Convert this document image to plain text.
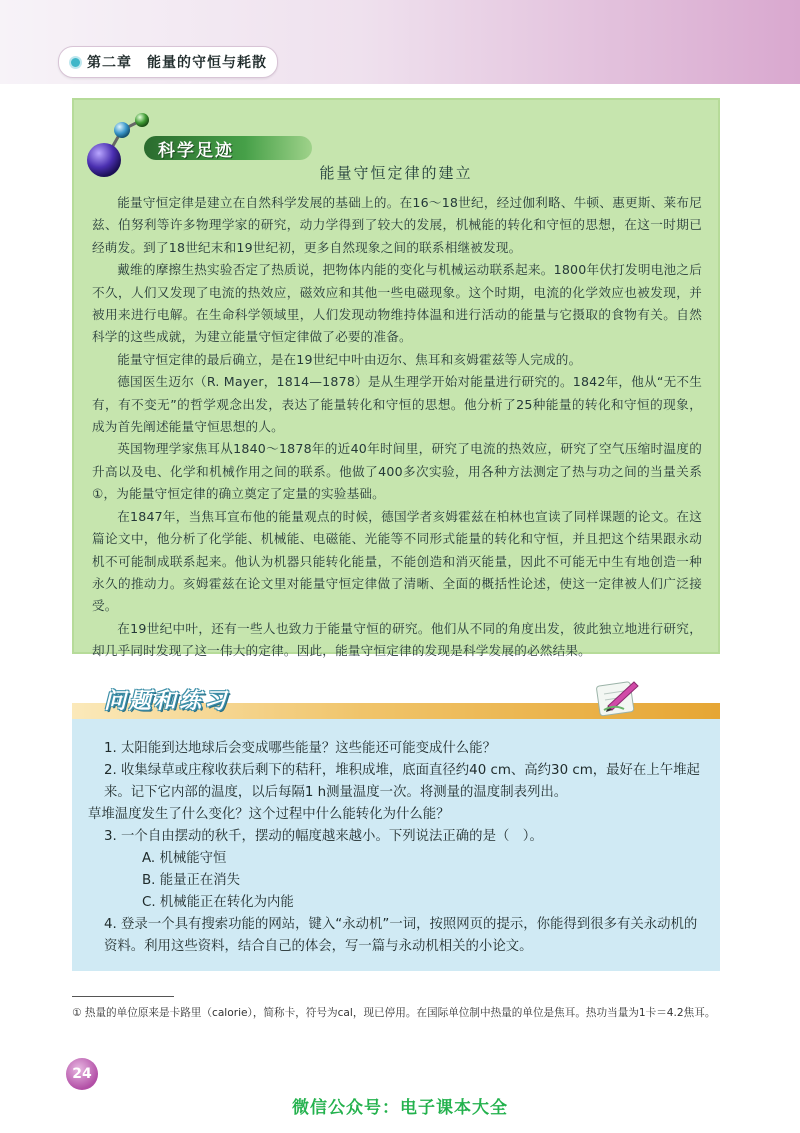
第二章　能量的守恒与耗散
科学足迹
能量守恒定律的建立

能量守恒定律是建立在自然科学发展的基础上的。在16～18世纪，经过伽利略、牛顿、惠更斯、莱布尼兹、伯努利等许多物理学家的研究，动力学得到了较大的发展，机械能的转化和守恒的思想，在这一时期已经萌发。到了18世纪末和19世纪初，更多自然现象之间的联系相继被发现。

戴维的摩擦生热实验否定了热质说，把物体内能的变化与机械运动联系起来。1800年伏打发明电池之后不久，人们又发现了电流的热效应，磁效应和其他一些电磁现象。这个时期，电流的化学效应也被发现，并被用来进行电解。在生命科学领域里，人们发现动物维持体温和进行活动的能量与它摄取的食物有关。自然科学的这些成就，为建立能量守恒定律做了必要的准备。

能量守恒定律的最后确立，是在19世纪中叶由迈尔、焦耳和亥姆霍兹等人完成的。

德国医生迈尔（R. Mayer，1814—1878）是从生理学开始对能量进行研究的。1842年，他从“无不生有，有不变无”的哲学观念出发，表达了能量转化和守恒的思想。他分析了25种能量的转化和守恒的现象，成为首先阐述能量守恒思想的人。

英国物理学家焦耳从1840～1878年的近40年时间里，研究了电流的热效应，研究了空气压缩时温度的升高以及电、化学和机械作用之间的联系。他做了400多次实验，用各种方法测定了热与功之间的当量关系①，为能量守恒定律的确立奠定了定量的实验基础。

在1847年，当焦耳宣布他的能量观点的时候，德国学者亥姆霍兹在柏林也宣读了同样课题的论文。在这篇论文中，他分析了化学能、机械能、电磁能、光能等不同形式能量的转化和守恒，并且把这个结果跟永动机不可能制成联系起来。他认为机器只能转化能量，不能创造和消灭能量，因此不可能无中生有地创造一种永久的推动力。亥姆霍兹在论文里对能量守恒定律做了清晰、全面的概括性论述，使这一定律被人们广泛接受。

在19世纪中叶，还有一些人也致力于能量守恒的研究。他们从不同的角度出发，彼此独立地进行研究，却几乎同时发现了这一伟大的定律。因此，能量守恒定律的发现是科学发展的必然结果。

问题和练习

1. 太阳能到达地球后会变成哪些能量？这些能还可能变成什么能？

2. 收集绿草或庄稼收获后剩下的秸秆，堆积成堆，底面直径约40 cm、高约30 cm，最好在上午堆起来。记下它内部的温度，以后每隔1 h测量温度一次。将测量的温度制表列出。

草堆温度发生了什么变化？这个过程中什么能转化为什么能？

3. 一个自由摆动的秋千，摆动的幅度越来越小。下列说法正确的是（　）。

A. 机械能守恒

B. 能量正在消失

C. 机械能正在转化为内能

4. 登录一个具有搜索功能的网站，键入“永动机”一词，按照网页的提示，你能得到很多有关永动机的资料。利用这些资料，结合自己的体会，写一篇与永动机相关的小论文。

① 热量的单位原来是卡路里（calorie），简称卡，符号为cal，现已停用。在国际单位制中热量的单位是焦耳。热功当量为1卡＝4.2焦耳。

24
微信公众号：电子课本大全
